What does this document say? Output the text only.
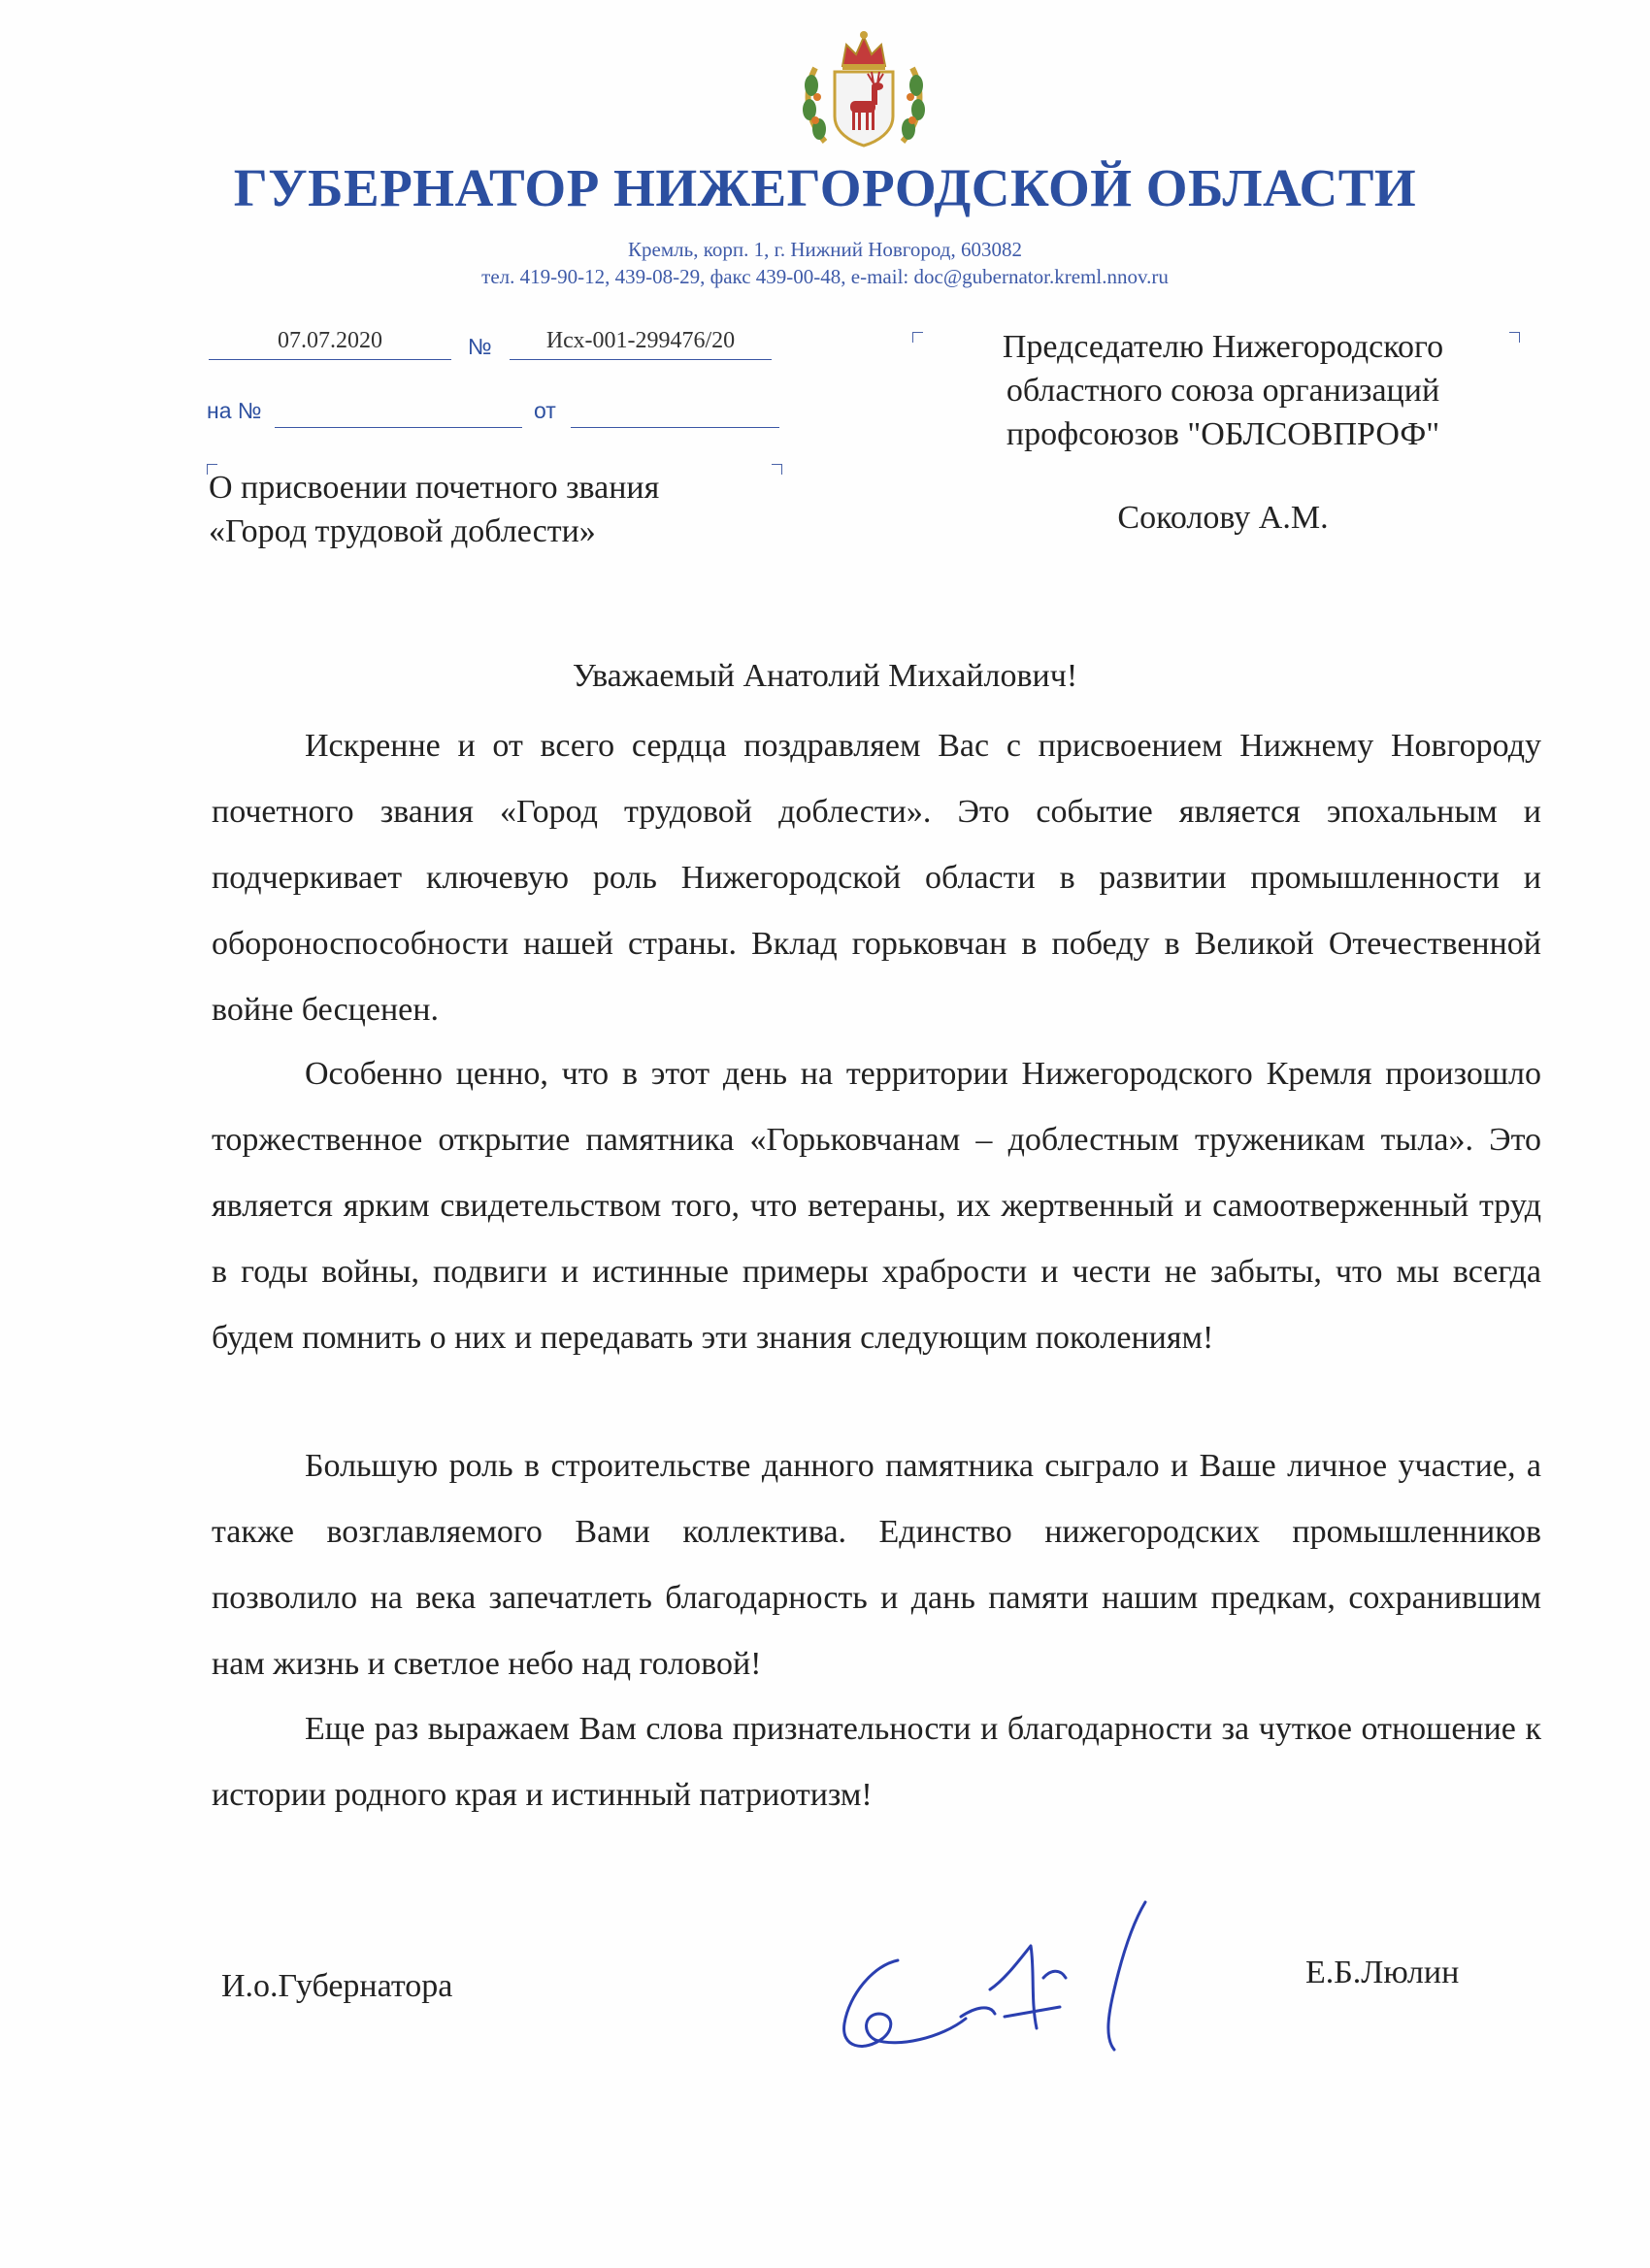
ГУБЕРНАТОР НИЖЕГОРОДСКОЙ ОБЛАСТИ
Кремль, корп. 1, г. Нижний Новгород, 603082
тел. 419-90-12, 439-08-29, факс 439-00-48, e-mail: doc@gubernator.kreml.nnov.ru
07.07.2020	№	Исх-001-299476/20
на №	от
О присвоении почетного звания
«Город трудовой доблести»
Председателю Нижегородского
областного союза организаций
профсоюзов "ОБЛСОВПРОФ"
Соколову А.М.
Уважаемый Анатолий Михайлович!
Искренне и от всего сердца поздравляем Вас с присвоением Нижнему Новгороду почетного звания «Город трудовой доблести». Это событие является эпохальным и подчеркивает ключевую роль Нижегородской области в развитии промышленности и обороноспособности нашей страны. Вклад горьковчан в победу в Великой Отечественной войне бесценен.
Особенно ценно, что в этот день на территории Нижегородского Кремля произошло торжественное открытие памятника «Горьковчанам – доблестным труженикам тыла». Это является ярким свидетельством того, что ветераны, их жертвенный и самоотверженный труд в годы войны, подвиги и истинные примеры храбрости и чести не забыты, что мы всегда будем помнить о них и передавать эти знания следующим поколениям!
Большую роль в строительстве данного памятника сыграло и Ваше личное участие, а также возглавляемого Вами коллектива. Единство нижегородских промышленников позволило на века запечатлеть благодарность и дань памяти нашим предкам, сохранившим нам жизнь и светлое небо над головой!
Еще раз выражаем Вам слова признательности и благодарности за чуткое отношение к истории родного края и истинный патриотизм!
И.о.Губернатора	Е.Б.Люлин
